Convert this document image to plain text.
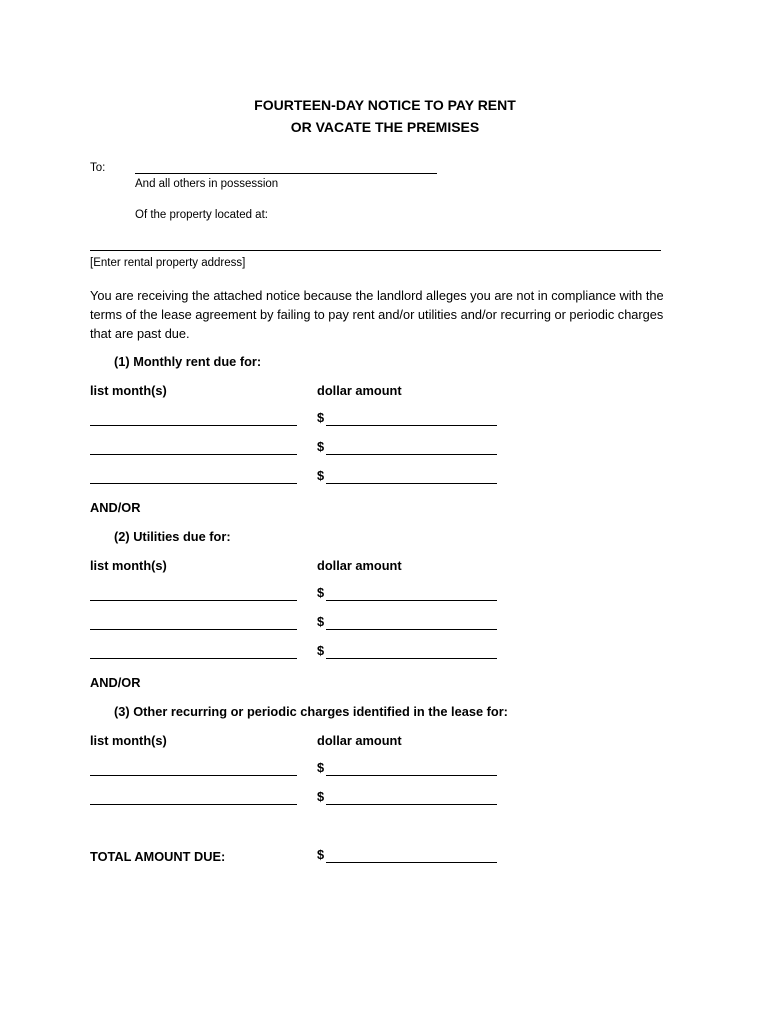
FOURTEEN-DAY NOTICE TO PAY RENT
OR VACATE THE PREMISES
To:
And all others in possession
Of the property located at:
[Enter rental property address]
You are receiving the attached notice because the landlord alleges you are not in compliance with the terms of the lease agreement by failing to pay rent and/or utilities and/or recurring or periodic charges that are past due.
(1) Monthly rent due for:
list month(s)	dollar amount
$
$
$
AND/OR
(2) Utilities due for:
list month(s)	dollar amount
$
$
$
AND/OR
(3) Other recurring or periodic charges identified in the lease for:
list month(s)	dollar amount
$
$
TOTAL AMOUNT DUE:	$
